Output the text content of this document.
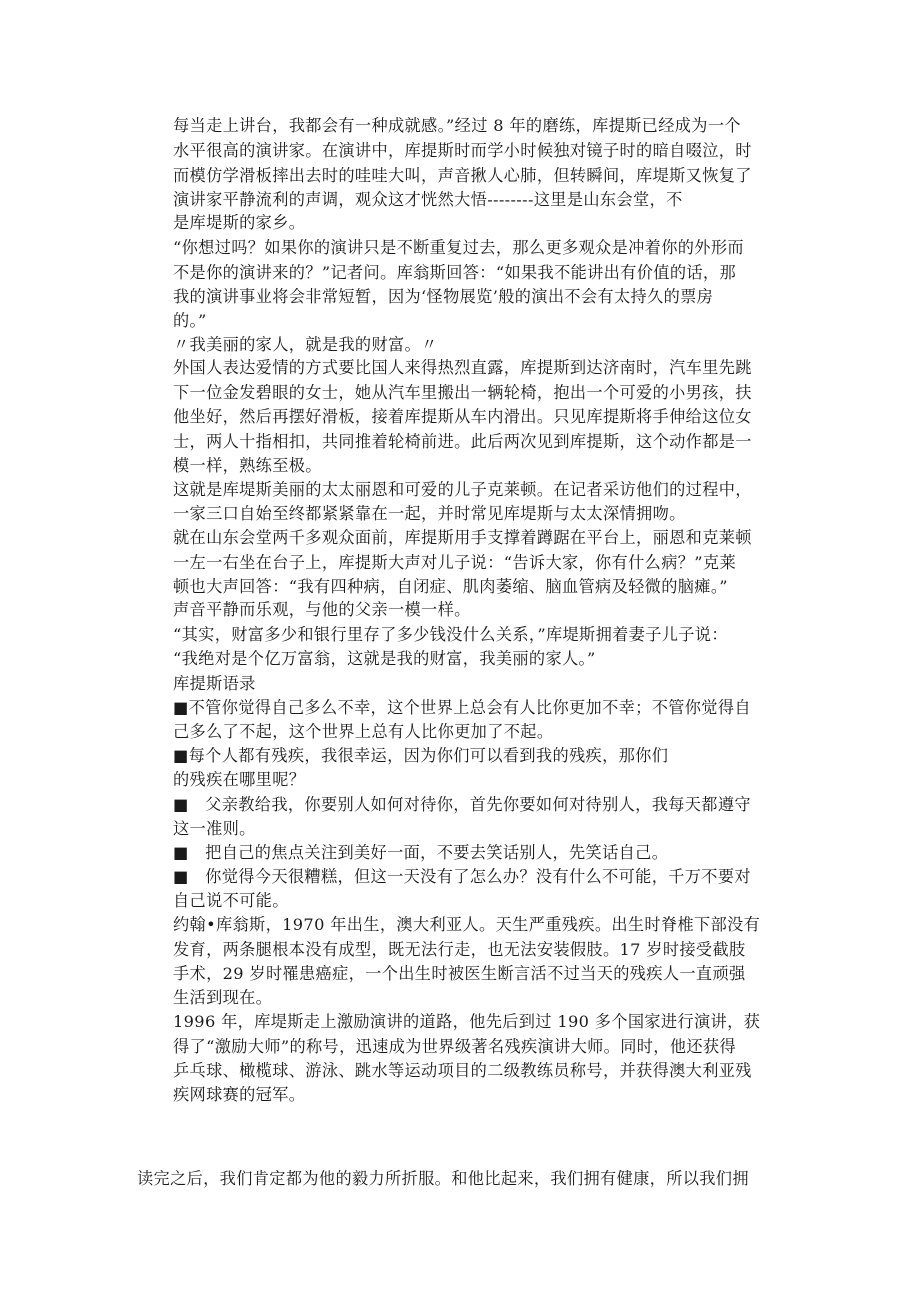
每当走上讲台，我都会有一种成就感。”经过 8 年的磨练，库提斯已经成为一个
水平很高的演讲家。在演讲中，库提斯时而学小时候独对镜子时的暗自啜泣，时
而模仿学滑板摔出去时的哇哇大叫，声音揪人心肺，但转瞬间，库堤斯又恢复了
演讲家平静流利的声调，观众这才恍然大悟--------这里是山东会堂，不
是库堤斯的家乡。
“你想过吗？如果你的演讲只是不断重复过去，那么更多观众是冲着你的外形而
不是你的演讲来的？”记者问。库翁斯回答：“如果我不能讲出有价值的话，那
我的演讲事业将会非常短暂，因为‘怪物展览’般的演出不会有太持久的票房
的。”
〃我美丽的家人，就是我的财富。〃
外国人表达爱情的方式要比国人来得热烈直露，库提斯到达济南时，汽车里先跳
下一位金发碧眼的女士，她从汽车里搬出一辆轮椅，抱出一个可爱的小男孩，扶
他坐好，然后再摆好滑板，接着库提斯从车内滑出。只见库提斯将手伸给这位女
士，两人十指相扣，共同推着轮椅前进。此后两次见到库提斯，这个动作都是一
模一样，熟练至极。
这就是库堤斯美丽的太太丽恩和可爱的儿子克莱顿。在记者采访他们的过程中，
一家三口自始至终都紧紧靠在一起，并时常见库堤斯与太太深情拥吻。
就在山东会堂两千多观众面前，库提斯用手支撑着蹲踞在平台上，丽恩和克莱顿
一左一右坐在台子上，库提斯大声对儿子说：“告诉大家，你有什么病？”克莱
顿也大声回答：“我有四种病，自闭症、肌肉萎缩、脑血管病及轻微的脑瘫。”
声音平静而乐观，与他的父亲一模一样。
“其实，财富多少和银行里存了多少钱没什么关系，”库堤斯拥着妻子儿子说：
“我绝对是个亿万富翁，这就是我的财富，我美丽的家人。”
库提斯语录
■不管你觉得自己多么不幸，这个世界上总会有人比你更加不幸；不管你觉得自
己多么了不起，这个世界上总有人比你更加了不起。
■每个人都有残疾，我很幸运，因为你们可以看到我的残疾，那你们
的残疾在哪里呢？
■　父亲教给我，你要别人如何对待你，首先你要如何对待别人，我每天都遵守
这一准则。
■　把自己的焦点关注到美好一面，不要去笑话别人，先笑话自己。
■　你觉得今天很糟糕，但这一天没有了怎么办？没有什么不可能，千万不要对
自己说不可能。
约翰•库翁斯，1970 年出生，澳大利亚人。天生严重残疾。出生时脊椎下部没有
发育，两条腿根本没有成型，既无法行走，也无法安装假肢。17 岁时接受截肢
手术，29 岁时罹患癌症，一个出生时被医生断言活不过当天的残疾人一直顽强
生活到现在。
1996 年，库堤斯走上激励演讲的道路，他先后到过 190 多个国家进行演讲，获
得了“激励大师”的称号，迅速成为世界级著名残疾演讲大师。同时，他还获得
乒乓球、橄榄球、游泳、跳水等运动项目的二级教练员称号，并获得澳大利亚残
疾网球赛的冠军。
读完之后，我们肯定都为他的毅力所折服。和他比起来，我们拥有健康，所以我们拥
